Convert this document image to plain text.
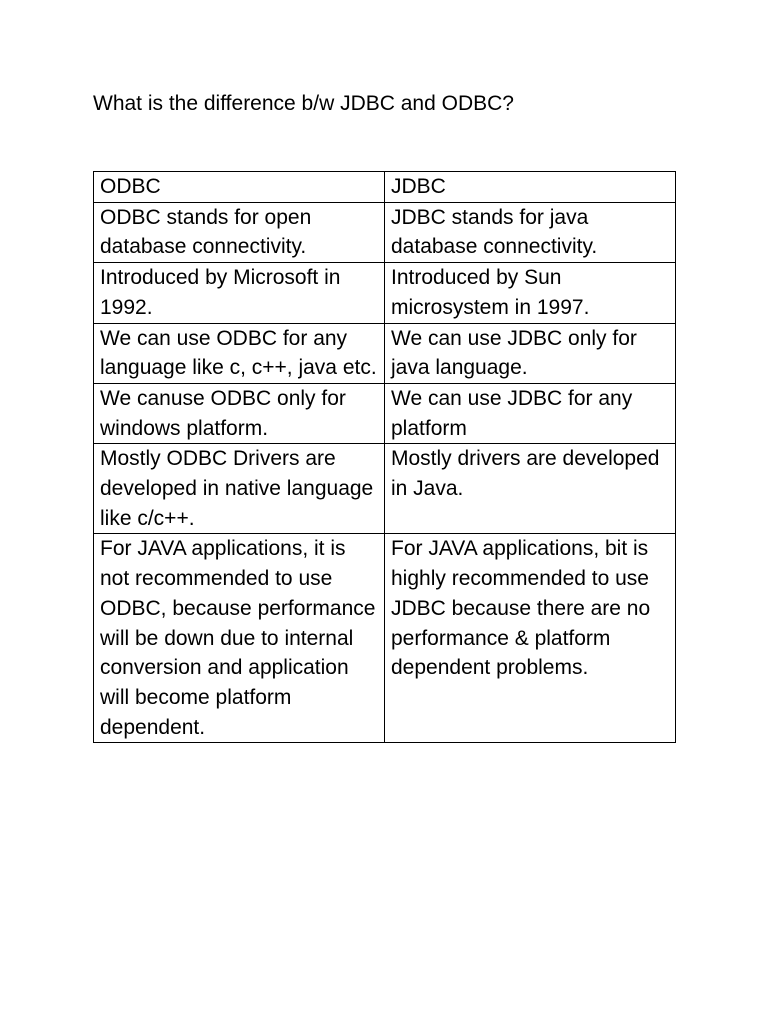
What is the difference b/w JDBC and ODBC?
ODBC	JDBC
ODBC stands for open database connectivity.	JDBC stands for java database connectivity.
Introduced by Microsoft in 1992.	Introduced by Sun microsystem in 1997.
We can use ODBC for any language like c, c++, java etc.	We can use JDBC only for java language.
We canuse ODBC only for windows platform.	We can use JDBC for any platform
Mostly ODBC Drivers are developed in native language like c/c++.	Mostly drivers are developed in Java.
For JAVA applications, it is not recommended to use ODBC, because performance will be down due to internal conversion and application will become platform dependent.	For JAVA applications, bit is highly recommended to use JDBC because there are no performance & platform dependent problems.
